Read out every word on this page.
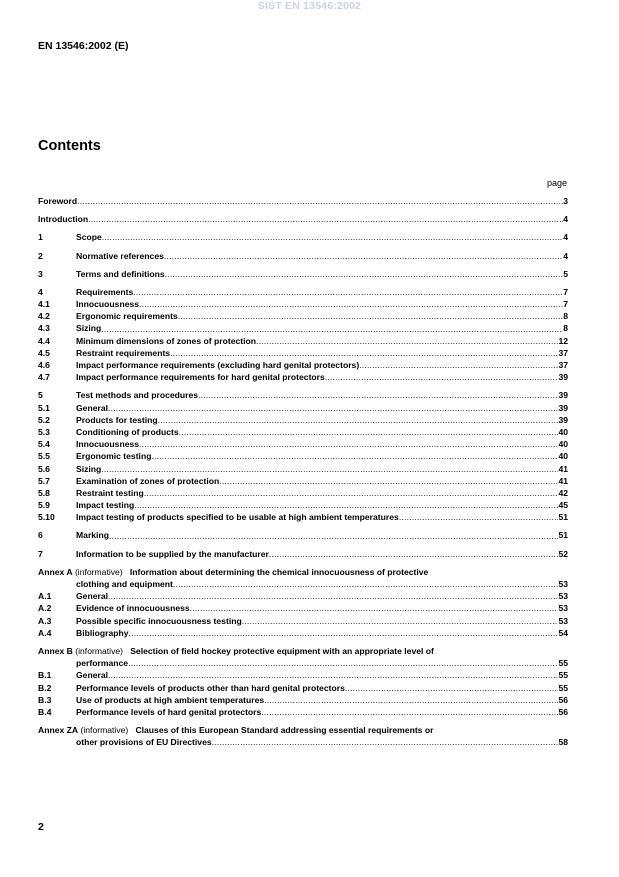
SIST EN 13546:2002
EN 13546:2002 (E)
Contents
page
Foreword .....	3
Introduction .....	4
1	Scope .....	4
2	Normative references .....	4
3	Terms and definitions .....	5
4	Requirements .....	7
4.1	Innocuousness .....	7
4.2	Ergonomic requirements .....	8
4.3	Sizing .....	8
4.4	Minimum dimensions of zones of protection .....	12
4.5	Restraint requirements .....	37
4.6	Impact performance requirements (excluding hard genital protectors) .....	37
4.7	Impact performance requirements for hard genital protectors .....	39
5	Test methods and procedures .....	39
5.1	General .....	39
5.2	Products for testing .....	39
5.3	Conditioning of products .....	40
5.4	Innocuousness .....	40
5.5	Ergonomic testing .....	40
5.6	Sizing .....	41
5.7	Examination of zones of protection .....	41
5.8	Restraint testing .....	42
5.9	Impact testing .....	45
5.10	Impact testing of products specified to be usable at high ambient temperatures .....	51
6	Marking .....	51
7	Information to be supplied by the manufacturer .....	52
Annex A
(informative)
Information about determining the chemical innocuousness of protective
clothing and equipment .....	53
A.1	General .....	53
A.2	Evidence of innocuousness .....	53
A.3	Possible specific innocuousness testing .....	53
A.4	Bibliography .....	54
Annex B
(informative)
Selection of field hockey protective equipment with an appropriate level of
performance .....	55
B.1	General .....	55
B.2	Performance levels of products other than hard genital protectors .....	55
B.3	Use of products at high ambient temperatures .....	56
B.4	Performance levels of hard genital protectors .....	56
Annex ZA
(informative)
Clauses of this European Standard addressing essential requirements or
other provisions of EU Directives .....	58
2
